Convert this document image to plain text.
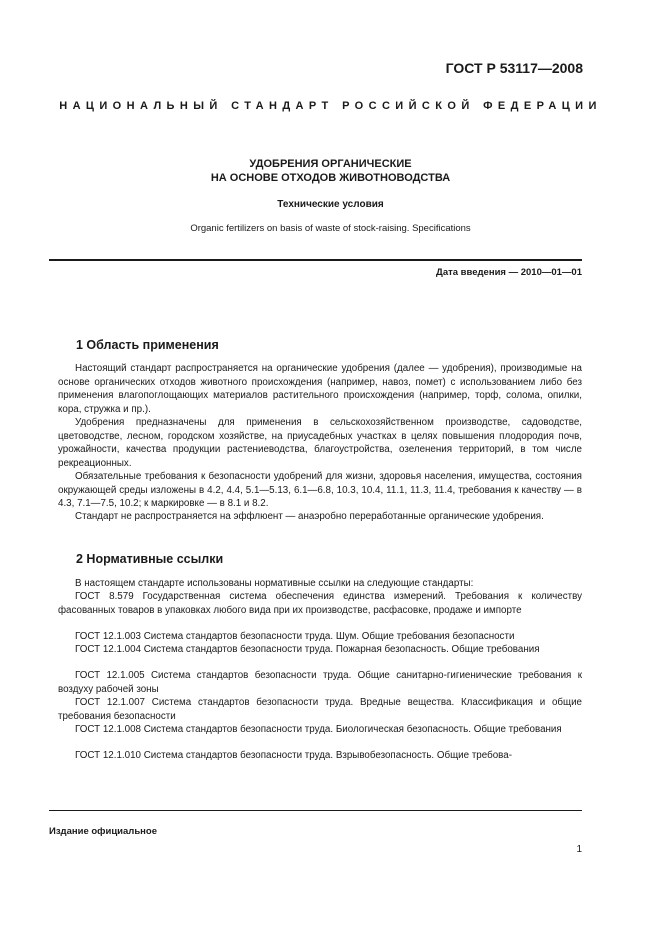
ГОСТ Р 53117—2008
НАЦИОНАЛЬНЫЙ СТАНДАРТ РОССИЙСКОЙ ФЕДЕРАЦИИ
УДОБРЕНИЯ ОРГАНИЧЕСКИЕ
НА ОСНОВЕ ОТХОДОВ ЖИВОТНОВОДСТВА
Технические условия
Organic fertilizers on basis of waste of stock-raising. Specifications
Дата введения — 2010—01—01
1 Область применения
Настоящий стандарт распространяется на органические удобрения (далее — удобрения), производимые на основе органических отходов животного происхождения (например, навоз, помет) с использованием либо без применения влагопоглощающих материалов растительного происхождения (например, торф, солома, опилки, кора, стружка и пр.).
Удобрения предназначены для применения в сельскохозяйственном производстве, садоводстве, цветоводстве, лесном, городском хозяйстве, на приусадебных участках в целях повышения плодородия почв, урожайности, качества продукции растениеводства, благоустройства, озеленения территорий, в том числе рекреационных.
Обязательные требования к безопасности удобрений для жизни, здоровья населения, имущества, состояния окружающей среды изложены в 4.2, 4.4, 5.1—5.13, 6.1—6.8, 10.3, 10.4, 11.1, 11.3, 11.4, требования к качеству — в 4.3, 7.1—7.5, 10.2; к маркировке — в 8.1 и 8.2.
Стандарт не распространяется на эффлюент — анаэробно переработанные органические удобрения.
2 Нормативные ссылки
В настоящем стандарте использованы нормативные ссылки на следующие стандарты:
ГОСТ 8.579 Государственная система обеспечения единства измерений. Требования к количеству фасованных товаров в упаковках любого вида при их производстве, расфасовке, продаже и импорте
ГОСТ 12.1.003 Система стандартов безопасности труда. Шум. Общие требования безопасности
ГОСТ 12.1.004 Система стандартов безопасности труда. Пожарная безопасность. Общие требования
ГОСТ 12.1.005 Система стандартов безопасности труда. Общие санитарно-гигиенические требования к воздуху рабочей зоны
ГОСТ 12.1.007 Система стандартов безопасности труда. Вредные вещества. Классификация и общие требования безопасности
ГОСТ 12.1.008 Система стандартов безопасности труда. Биологическая безопасность. Общие требования
ГОСТ 12.1.010 Система стандартов безопасности труда. Взрывобезопасность. Общие требова-
Издание официальное
1
